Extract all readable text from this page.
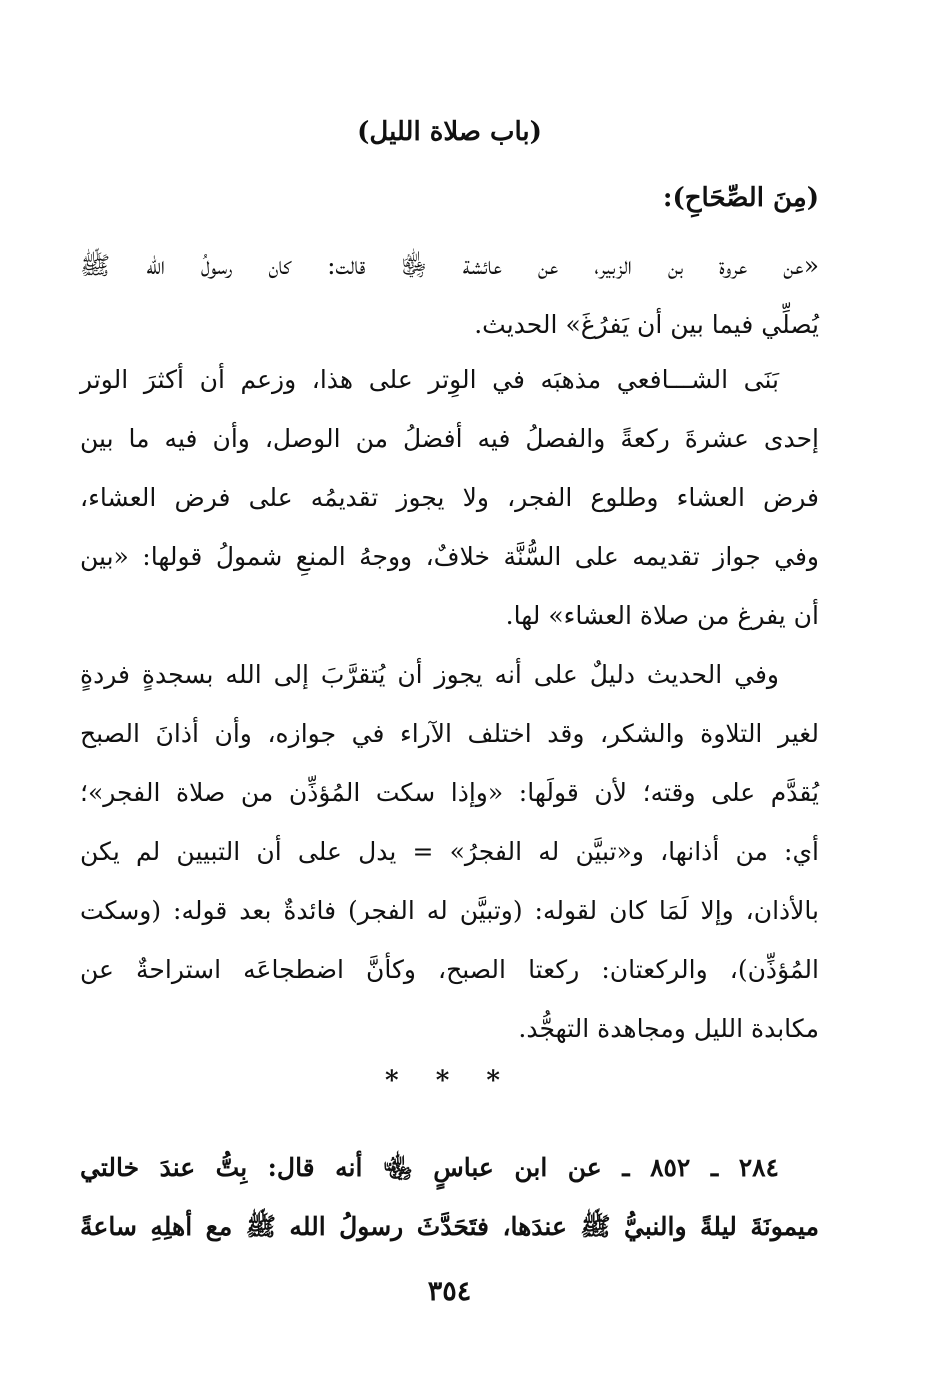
(باب صلاة الليل)
(مِنَ الصِّحَاحِ):
«عن عروة بن الزبير، عن عائشة ﵂ قالت: كان رسولُ الله ﷺ
يُصلِّي فيما بين أن يَفرُغَ» الحديث.
بَنَى الشـــافعي مذهبَه في الوِتر على هذا، وزعم أن أكثرَ الوتر
إحدى عشرةَ ركعةً والفصلُ فيه أفضلُ من الوصل، وأن فيه ما بين
فرض العشاء وطلوع الفجر، ولا يجوز تقديمُه على فرض العشاء،
وفي جواز تقديمه على السُّنَّة خلافٌ، ووجهُ المنعِ شمولُ قولها: «بين
أن يفرغ من صلاة العشاء» لها.
وفي الحديث دليلٌ على أنه يجوز أن يُتقرَّبَ إلى الله بسجدةٍ فردةٍ
لغير التلاوة والشكر، وقد اختلف الآراء في جوازه، وأن أذانَ الصبح
يُقدَّم على وقته؛ لأن قولَها: «وإذا سكت المُؤذِّن من صلاة الفجر»؛
أي: من أذانها، و«تبيَّن له الفجرُ» = يدل على أن التبيين لم يكن
بالأذان، وإلا لَمَا كان لقوله: (وتبيَّن له الفجر) فائدةٌ بعد قوله: (وسكت
المُؤذِّن)، والركعتان: ركعتا الصبح، وكأنَّ اضطجاعَه استراحةٌ عن
مكابدة الليل ومجاهدة التهجُّد.
* * *
٢٨٤ ـ ٨٥٢ ـ عن ابن عباسٍ ﵄ أنه قال: بِتُّ عندَ خالتي
ميمونَةَ ليلةً والنبيُّ ﷺ عندَها، فتَحَدَّثَ رسولُ الله ﷺ مع أهلِهِ ساعةً
٣٥٤
